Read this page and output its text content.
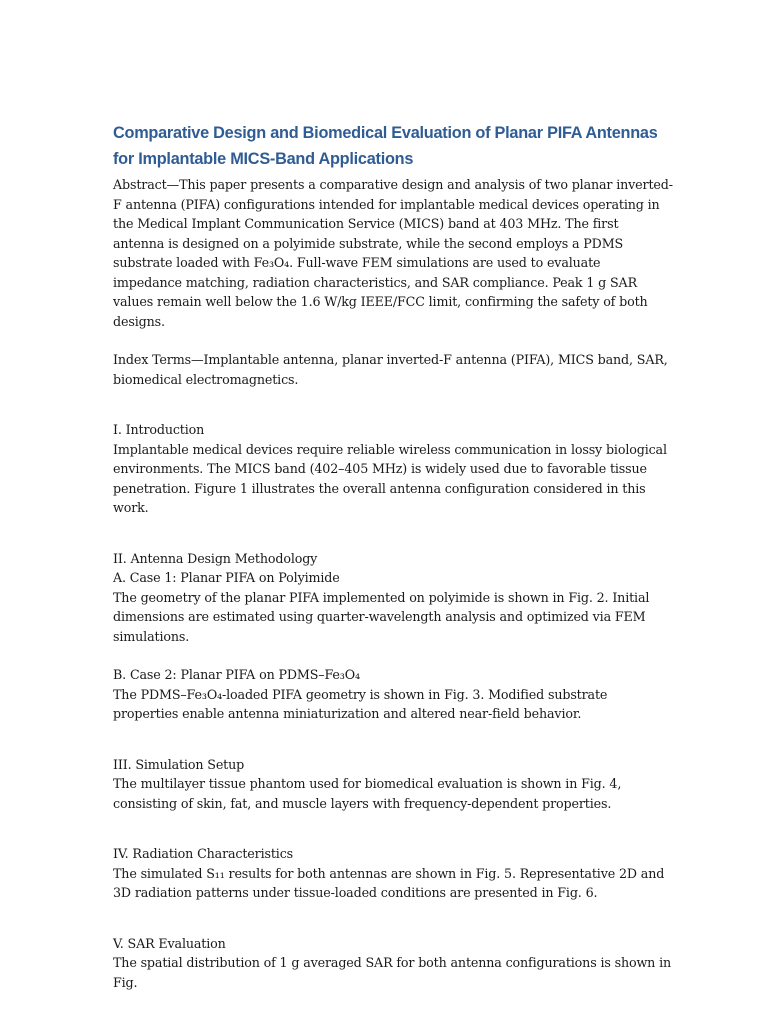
Comparative Design and Biomedical Evaluation of Planar PIFA Antennas for Implantable MICS-Band Applications

Abstract—This paper presents a comparative design and analysis of two planar inverted-F antenna (PIFA) configurations intended for implantable medical devices operating in the Medical Implant Communication Service (MICS) band at 403 MHz. The first antenna is designed on a polyimide substrate, while the second employs a PDMS substrate loaded with Fe₃O₄. Full-wave FEM simulations are used to evaluate impedance matching, radiation characteristics, and SAR compliance. Peak 1 g SAR values remain well below the 1.6 W/kg IEEE/FCC limit, confirming the safety of both designs.

Index Terms—Implantable antenna, planar inverted-F antenna (PIFA), MICS band, SAR, biomedical electromagnetics.

I. Introduction

Implantable medical devices require reliable wireless communication in lossy biological environments. The MICS band (402–405 MHz) is widely used due to favorable tissue penetration. Figure 1 illustrates the overall antenna configuration considered in this work.

II. Antenna Design Methodology

A. Case 1: Planar PIFA on Polyimide

The geometry of the planar PIFA implemented on polyimide is shown in Fig. 2. Initial dimensions are estimated using quarter-wavelength analysis and optimized via FEM simulations.

B. Case 2: Planar PIFA on PDMS–Fe₃O₄

The PDMS–Fe₃O₄-loaded PIFA geometry is shown in Fig. 3. Modified substrate properties enable antenna miniaturization and altered near-field behavior.

III. Simulation Setup

The multilayer tissue phantom used for biomedical evaluation is shown in Fig. 4, consisting of skin, fat, and muscle layers with frequency-dependent properties.

IV. Radiation Characteristics

The simulated S₁₁ results for both antennas are shown in Fig. 5. Representative 2D and 3D radiation patterns under tissue-loaded conditions are presented in Fig. 6.

V. SAR Evaluation

The spatial distribution of 1 g averaged SAR for both antenna configurations is shown in Fig.
